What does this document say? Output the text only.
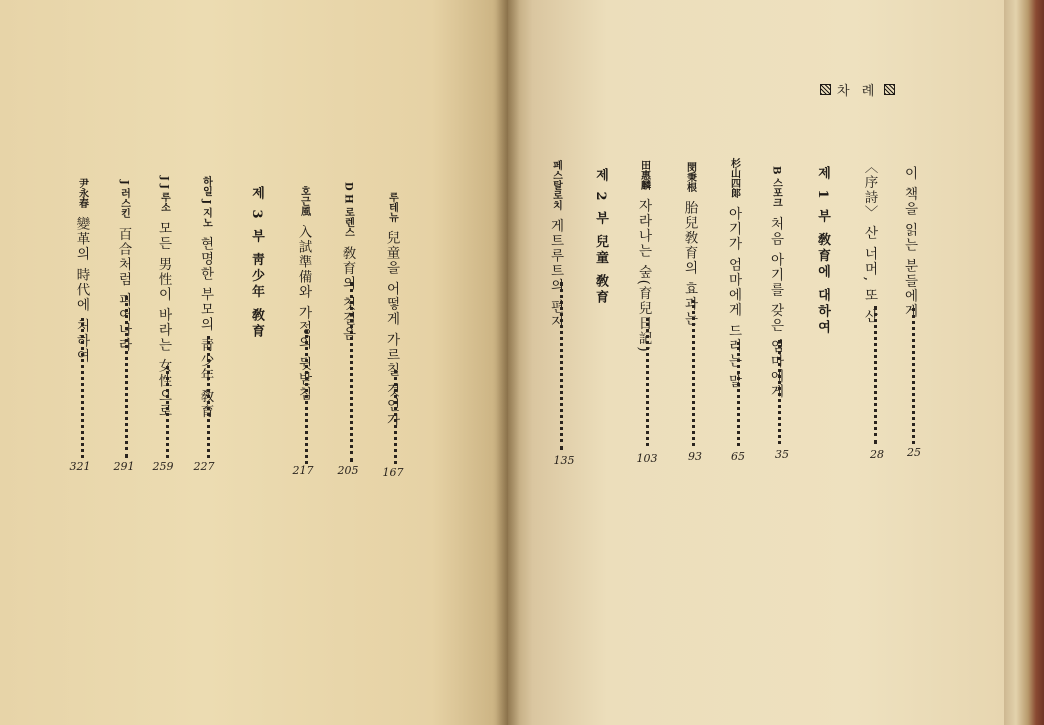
차 례
이 책을 읽는 분들에게
25
〈序詩〉 산 너머, 또 산
28
제 1 부 敎育에 대하여
B 스포크 처음 아기를 갖은 엄마에게
35
杉山四郞 아기가 엄마에게 드리는 말
65
閔秉根 胎兒敎育의 효과는
93
田惠麟 자라나는 숲(育兒日記)
103
제 2 부 兒童 敎育
페스탈로치 게트루트의 편지
135
루테뉴 兒童을 어떻게 가르칠 것인가
167
D H 로렌스 敎育의 첫걸음
205
호근風 入試準備와 가정의 뒷받침
217
제 3 부 靑少年 敎育
하일 J 지노 현명한 부모의 靑少年 敎育
227
J J 루소 모든 男性이 바라는 女性으로
259
J 러스킨 百合처럼 피어나라
291
尹永春 變革의 時代에 처하여
321
